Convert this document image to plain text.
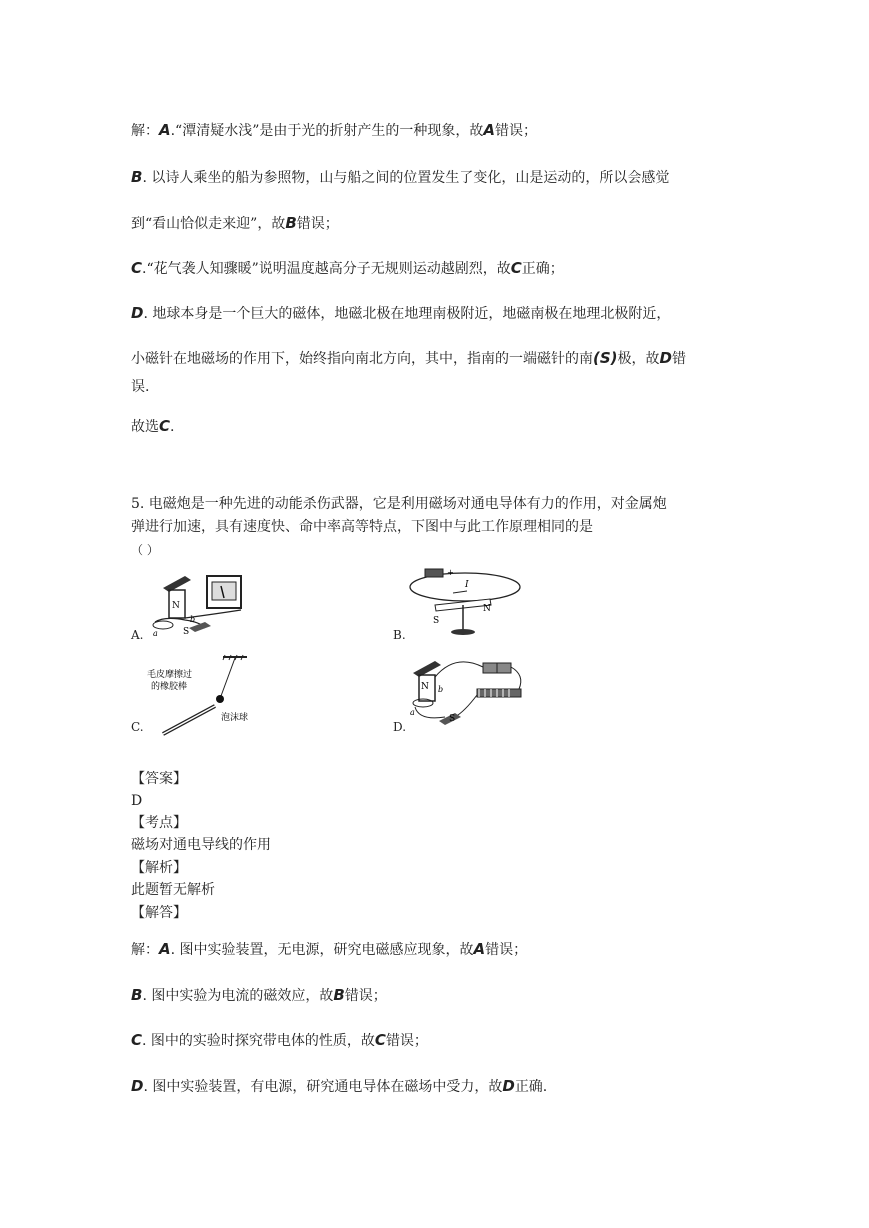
解：A.“潭清疑水浅”是由于光的折射产生的一种现象，故A错误；
B. 以诗人乘坐的船为参照物，山与船之间的位置发生了变化，山是运动的，所以会感觉
到“看山恰似走来迎”，故B错误；
C.“花气袭人知骤暖”说明温度越高分子无规则运动越剧烈，故C正确；
D. 地球本身是一个巨大的磁体，地磁北极在地理南极附近，地磁南极在地理北极附近，
小磁针在地磁场的作用下，始终指向南北方向，其中，指南的一端磁针的南(S)极，故D错
误.
故选C.
5. 电磁炮是一种先进的动能杀伤武器，它是利用磁场对通电导体有力的作用，对金属炮
弹进行加速，具有速度快、命中率高等特点，下图中与此工作原理相同的是
（ ）
N
b
a	S
A.
+
I
S
N
B.
毛皮摩擦过
的橡胶棒
泡沫球
C.
N b
a
S
D.
【答案】
D
【考点】
磁场对通电导线的作用
【解析】
此题暂无解析
【解答】
解：A. 图中实验装置，无电源，研究电磁感应现象，故A错误；
B. 图中实验为电流的磁效应，故B错误；
C. 图中的实验时探究带电体的性质，故C错误；
D. 图中实验装置，有电源，研究通电导体在磁场中受力，故D正确.
